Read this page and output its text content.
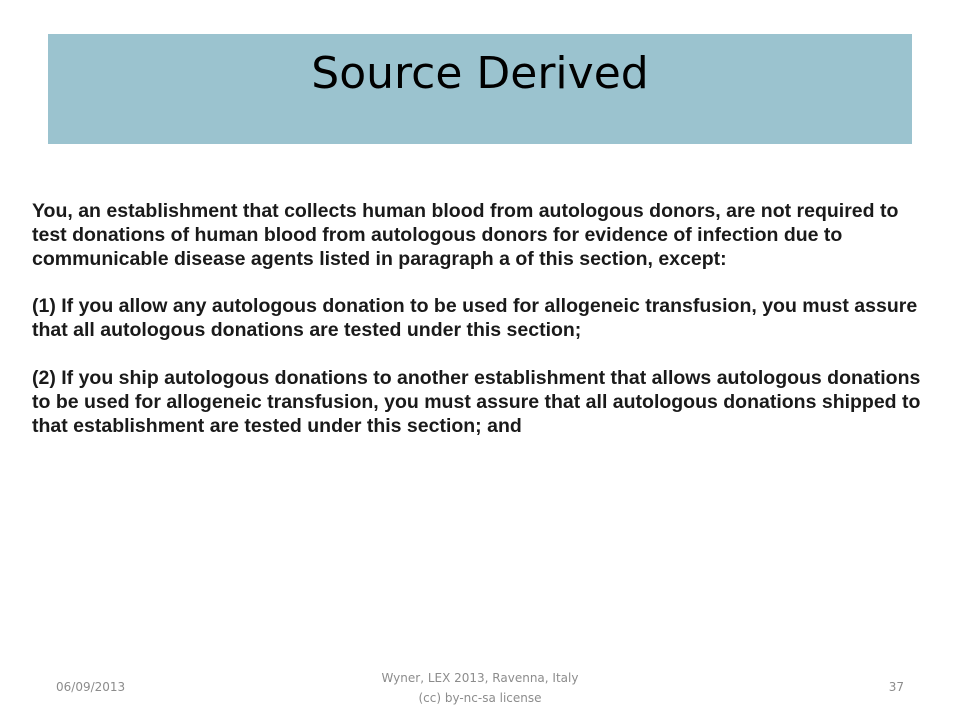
Source Derived

You, an establishment that collects human blood from autologous donors, are not required to test donations of human blood from autologous donors for evidence of infection due to communicable disease agents listed in paragraph a of this section, except:

(1) If you allow any autologous donation to be used for allogeneic transfusion, you must assure that all autologous donations are tested under this section;

(2) If you ship autologous donations to another establishment that allows autologous donations to be used for allogeneic transfusion, you must assure that all autologous donations shipped to that establishment are tested under this section; and

06/09/2013
Wyner, LEX 2013, Ravenna, Italy
(cc) by-nc-sa license
37
